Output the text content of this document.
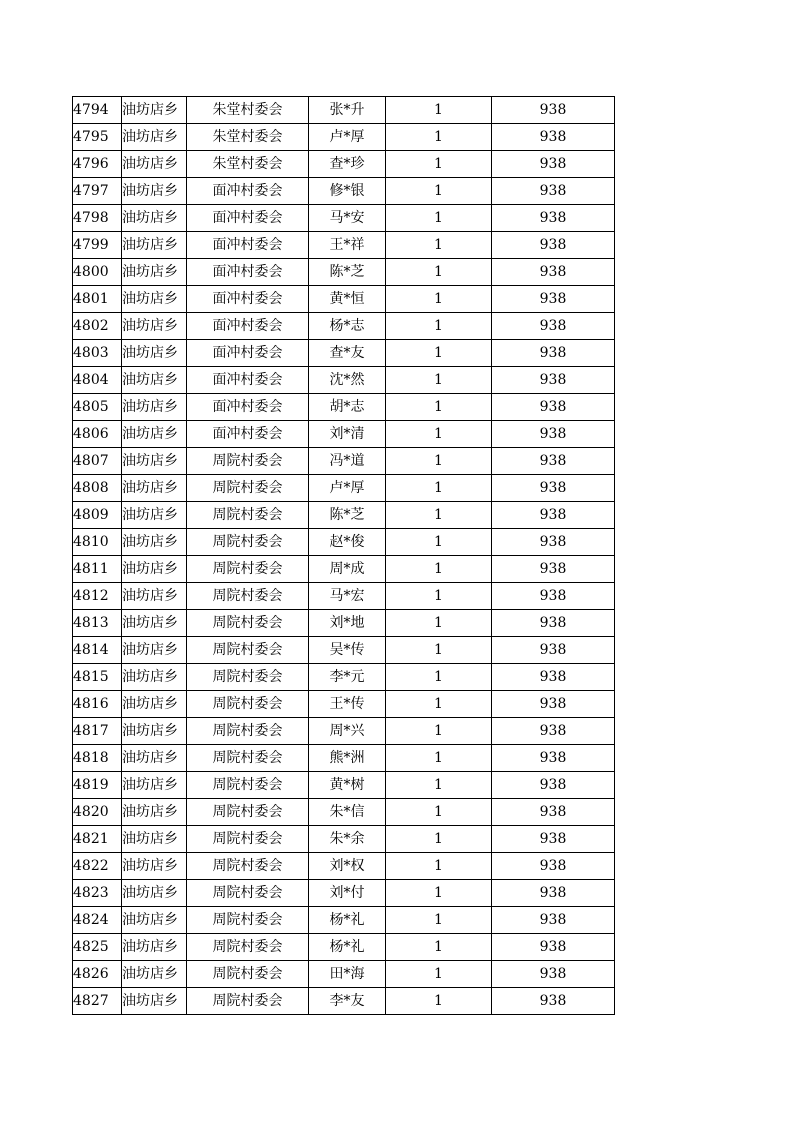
4794	油坊店乡	朱堂村委会	张*升	1	938
4795	油坊店乡	朱堂村委会	卢*厚	1	938
4796	油坊店乡	朱堂村委会	查*珍	1	938
4797	油坊店乡	面冲村委会	修*银	1	938
4798	油坊店乡	面冲村委会	马*安	1	938
4799	油坊店乡	面冲村委会	王*祥	1	938
4800	油坊店乡	面冲村委会	陈*芝	1	938
4801	油坊店乡	面冲村委会	黄*恒	1	938
4802	油坊店乡	面冲村委会	杨*志	1	938
4803	油坊店乡	面冲村委会	查*友	1	938
4804	油坊店乡	面冲村委会	沈*然	1	938
4805	油坊店乡	面冲村委会	胡*志	1	938
4806	油坊店乡	面冲村委会	刘*清	1	938
4807	油坊店乡	周院村委会	冯*道	1	938
4808	油坊店乡	周院村委会	卢*厚	1	938
4809	油坊店乡	周院村委会	陈*芝	1	938
4810	油坊店乡	周院村委会	赵*俊	1	938
4811	油坊店乡	周院村委会	周*成	1	938
4812	油坊店乡	周院村委会	马*宏	1	938
4813	油坊店乡	周院村委会	刘*地	1	938
4814	油坊店乡	周院村委会	吴*传	1	938
4815	油坊店乡	周院村委会	李*元	1	938
4816	油坊店乡	周院村委会	王*传	1	938
4817	油坊店乡	周院村委会	周*兴	1	938
4818	油坊店乡	周院村委会	熊*洲	1	938
4819	油坊店乡	周院村委会	黄*树	1	938
4820	油坊店乡	周院村委会	朱*信	1	938
4821	油坊店乡	周院村委会	朱*余	1	938
4822	油坊店乡	周院村委会	刘*权	1	938
4823	油坊店乡	周院村委会	刘*付	1	938
4824	油坊店乡	周院村委会	杨*礼	1	938
4825	油坊店乡	周院村委会	杨*礼	1	938
4826	油坊店乡	周院村委会	田*海	1	938
4827	油坊店乡	周院村委会	李*友	1	938
